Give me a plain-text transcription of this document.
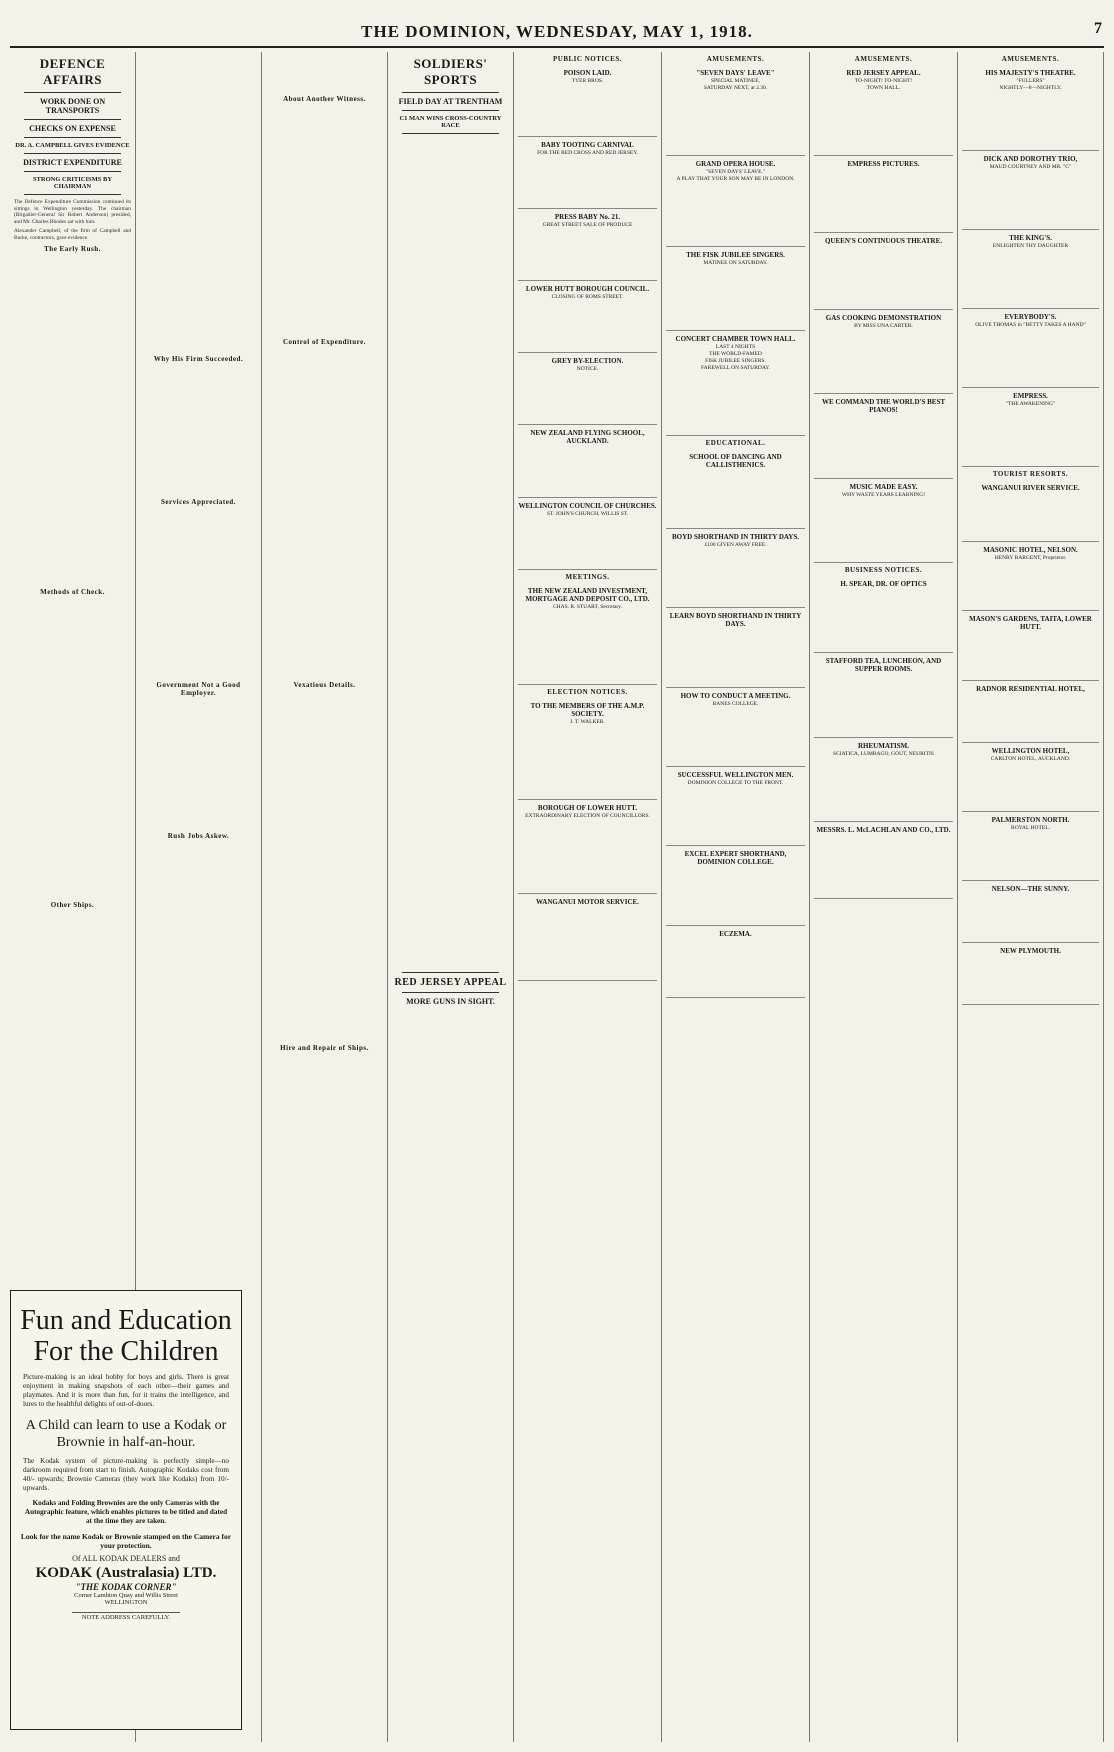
THE DOMINION, WEDNESDAY, MAY 1, 1918.	7
DEFENCE AFFAIRS
WORK DONE ON TRANSPORTS
CHECKS ON EXPENSE
DR. A. CAMPBELL GIVES EVIDENCE
DISTRICT EXPENDITURE
STRONG CRITICISMS BY CHAIRMAN

The Defence Expenditure Commission continued its sittings in Wellington yesterday. The chairman (Brigadier-General Sir Robert Anderson) presided, and Mr. Charles Rhodes sat with him.

Alexander Campbell, of the firm of Campbell and Burke, contractors, gave evidence.

The Early Rush.
Methods of Check.
Other Ships.
Why His Firm Succeeded.
Services Appreciated.
Government Not a Good Employer.
Rush Jobs Askew.
About Another Witness.
Control of Expenditure.
Vexatious Details.
Hire and Repair of Ships.
SOLDIERS' SPORTS
FIELD DAY AT TRENTHAM
C1 MAN WINS CROSS-COUNTRY RACE
RED JERSEY APPEAL
MORE GUNS IN SIGHT.
PUBLIC NOTICES.
POISON LAID.
TYER BROS.
BABY TOOTING CARNIVAL
FOR THE RED CROSS AND RED JERSEY.
PRESS BABY No. 21.
GREAT STREET SALE OF PRODUCE
LOWER HUTT BOROUGH COUNCIL.
CLOSING OF ROMS STREET.
GREY BY-ELECTION.
NOTICE.
NEW ZEALAND FLYING SCHOOL, AUCKLAND.
WELLINGTON COUNCIL OF CHURCHES.
ST. JOHN'S CHURCH, WILLIS ST.
MEETINGS.
THE NEW ZEALAND INVESTMENT, MORTGAGE AND DEPOSIT CO., LTD.
CHAS. R. STUART, Secretary.
ELECTION NOTICES.
TO THE MEMBERS OF THE A.M.P. SOCIETY.
J. T. WALKER.
BOROUGH OF LOWER HUTT.
EXTRAORDINARY ELECTION OF COUNCILLORS.
WANGANUI MOTOR SERVICE.
AMUSEMENTS.
"SEVEN DAYS' LEAVE"
SPECIAL MATINEE,
SATURDAY NEXT, at 2.30.
GRAND OPERA HOUSE.
"SEVEN DAYS' LEAVE."
A PLAY THAT YOUR SON MAY BE IN LONDON.
THE FISK JUBILEE SINGERS.
MATINEE ON SATURDAY.
CONCERT CHAMBER TOWN HALL.
LAST 4 NIGHTS
THE WORLD-FAMED
FISK JUBILEE SINGERS.
FAREWELL ON SATURDAY.
EDUCATIONAL.
SCHOOL OF DANCING AND CALLISTHENICS.
BOYD SHORTHAND IN THIRTY DAYS.
£100 GIVEN AWAY FREE.
LEARN BOYD SHORTHAND IN THIRTY DAYS.
HOW TO CONDUCT A MEETING.
BANES COLLEGE.
SUCCESSFUL WELLINGTON MEN.
DOMINION COLLEGE TO THE FRONT.
EXCEL EXPERT SHORTHAND, DOMINION COLLEGE.
ECZEMA.
AMUSEMENTS.
RED JERSEY APPEAL.
TO-NIGHT! TO-NIGHT!
TOWN HALL.
EMPRESS PICTURES.
QUEEN'S CONTINUOUS THEATRE.
GAS COOKING DEMONSTRATION
BY MISS UNA CARTER.
WE COMMAND THE WORLD'S BEST PIANOS!
MUSIC MADE EASY.
WHY WASTE YEARS LEARNING!
BUSINESS NOTICES.
H. SPEAR, DR. OF OPTICS
STAFFORD TEA, LUNCHEON, AND SUPPER ROOMS.
RHEUMATISM.
SCIATICA, LUMBAGO, GOUT, NEURITIS
MESSRS. L. McLACHLAN AND CO., LTD.
AMUSEMENTS.
HIS MAJESTY'S THEATRE.
"FULLERS"
NIGHTLY—8—NIGHTLY.
DICK AND DOROTHY TRIO,
MAUD COURTNEY AND MR. "C"
THE KING'S.
ENLIGHTEN THY DAUGHTER
EVERYBODY'S.
OLIVE THOMAS in "BETTY TAKES A HAND"
EMPRESS.
"THE AWAKENING"
TOURIST RESORTS.
WANGANUI RIVER SERVICE.
MASONIC HOTEL, NELSON.
HENRY BARGENT, Proprietor.
MASON'S GARDENS, TAITA, LOWER HUTT.
RADNOR RESIDENTIAL HOTEL,
WELLINGTON HOTEL,
CARLTON HOTEL, AUCKLAND.
PALMERSTON NORTH.
ROYAL HOTEL.
NELSON—THE SUNNY.
NEW PLYMOUTH.
Fun and Education
For the Children
Picture-making is an ideal hobby for boys and girls. There is great enjoyment in making snapshots of each other—their games and playmates. And it is more than fun, for it trains the intelligence, and lures to the healthful delights of out-of-doors.
A Child can learn to use a Kodak or Brownie in half-an-hour.
The Kodak system of picture-making is perfectly simple—no darkroom required from start to finish. Autographic Kodaks cost from 40/- upwards; Brownie Cameras (they work like Kodaks) from 10/- upwards.
Kodaks and Folding Brownies are the only Cameras with the Autographic feature, which enables pictures to be titled and dated at the time they are taken.
Look for the name Kodak or Brownie stamped on the Camera for your protection.
Of ALL KODAK DEALERS and
KODAK (Australasia) LTD.
"THE KODAK CORNER"
Corner Lambton Quay and Willis Street
WELLINGTON
NOTE ADDRESS CAREFULLY.
